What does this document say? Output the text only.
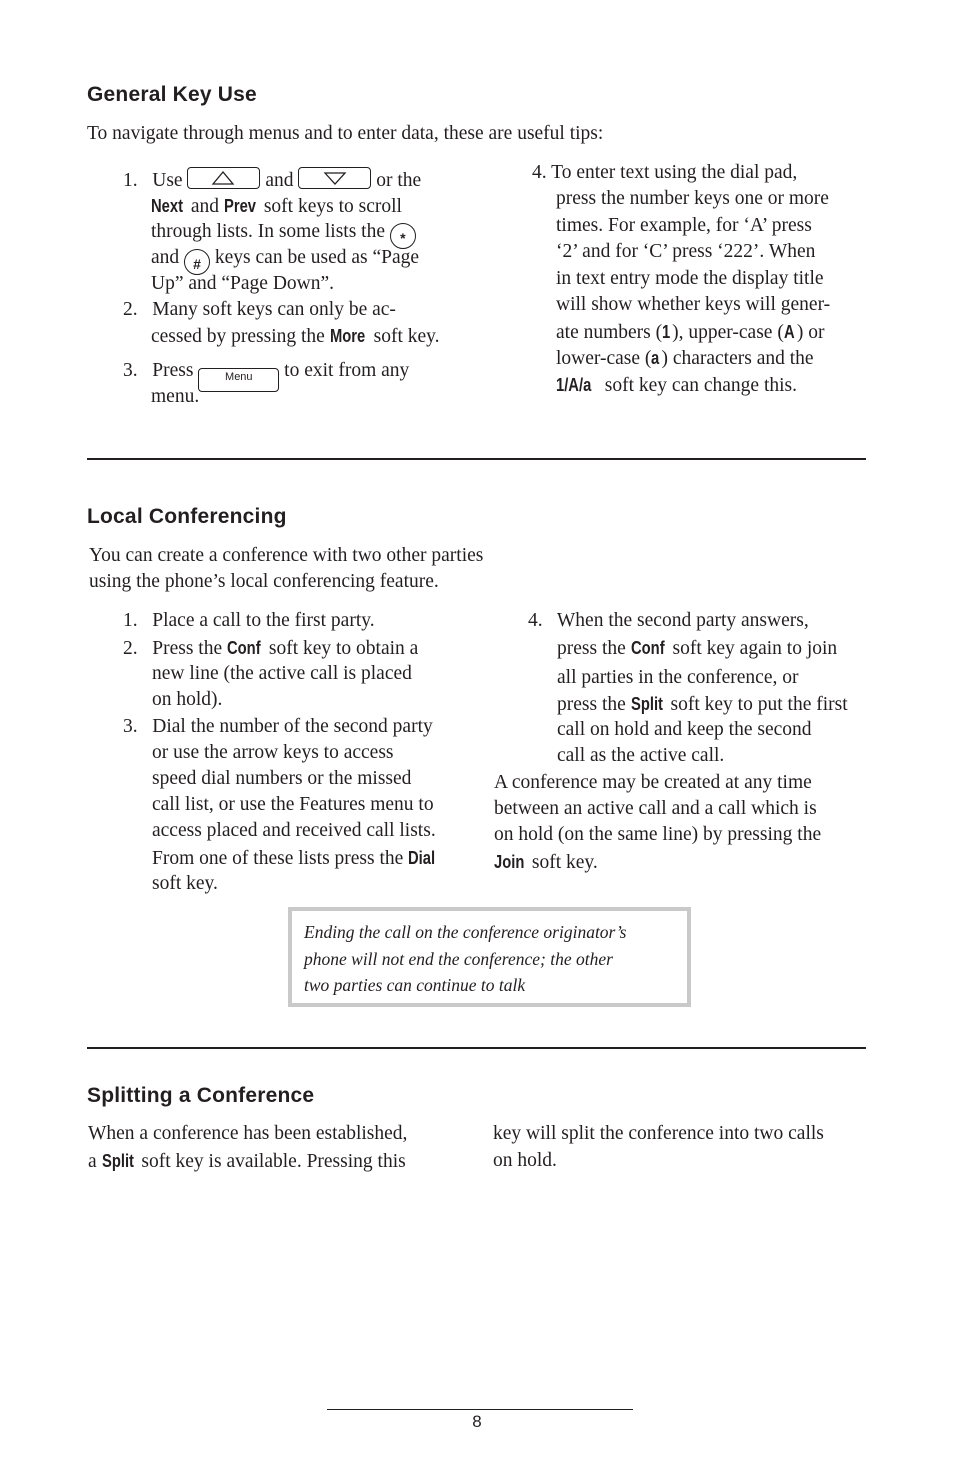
General Key Use

To navigate through menus and to enter data, these are useful tips:

1. Use	and	or the

Next and Prev soft keys to scroll

through lists. In some lists the *

and # keys can be used as “Page

Up” and “Page Down”.

2. Many soft keys can only be ac-

cessed by pressing the More soft key.

3. Press	Menu to exit from any

menu.

4. To enter text using the dial pad,

press the number keys one or more

times. For example, for ‘A’ press

‘2’ and for ‘C’ press ‘222’. When

in text entry mode the display title

will show whether keys will gener-

ate numbers (1), upper-case (A ) or

lower-case (a) characters and the

1/A/a soft key can change this.

Local Conferencing

You can create a conference with two other parties

using the phone’s local conferencing feature.

1. Place a call to the first party.

2. Press the Conf soft key to obtain a

new line (the active call is placed

on hold).

3. Dial the number of the second party

or use the arrow keys to access

speed dial numbers or the missed

call list, or use the Features menu to

access placed and received call lists.

From one of these lists press the Dial

soft key.

4. When the second party answers,

press the Conf soft key again to join

all parties in the conference, or

press the Split soft key to put the first

call on hold and keep the second

call as the active call.

A conference may be created at any time

between an active call and a call which is

on hold (on the same line) by pressing the

Join soft key.

Ending the call on the conference originator’s
phone will not end the conference; the other
two parties can continue to talk

Splitting a Conference

When a conference has been established,

a Split soft key is available. Pressing this

key will split the conference into two calls

on hold.

8
